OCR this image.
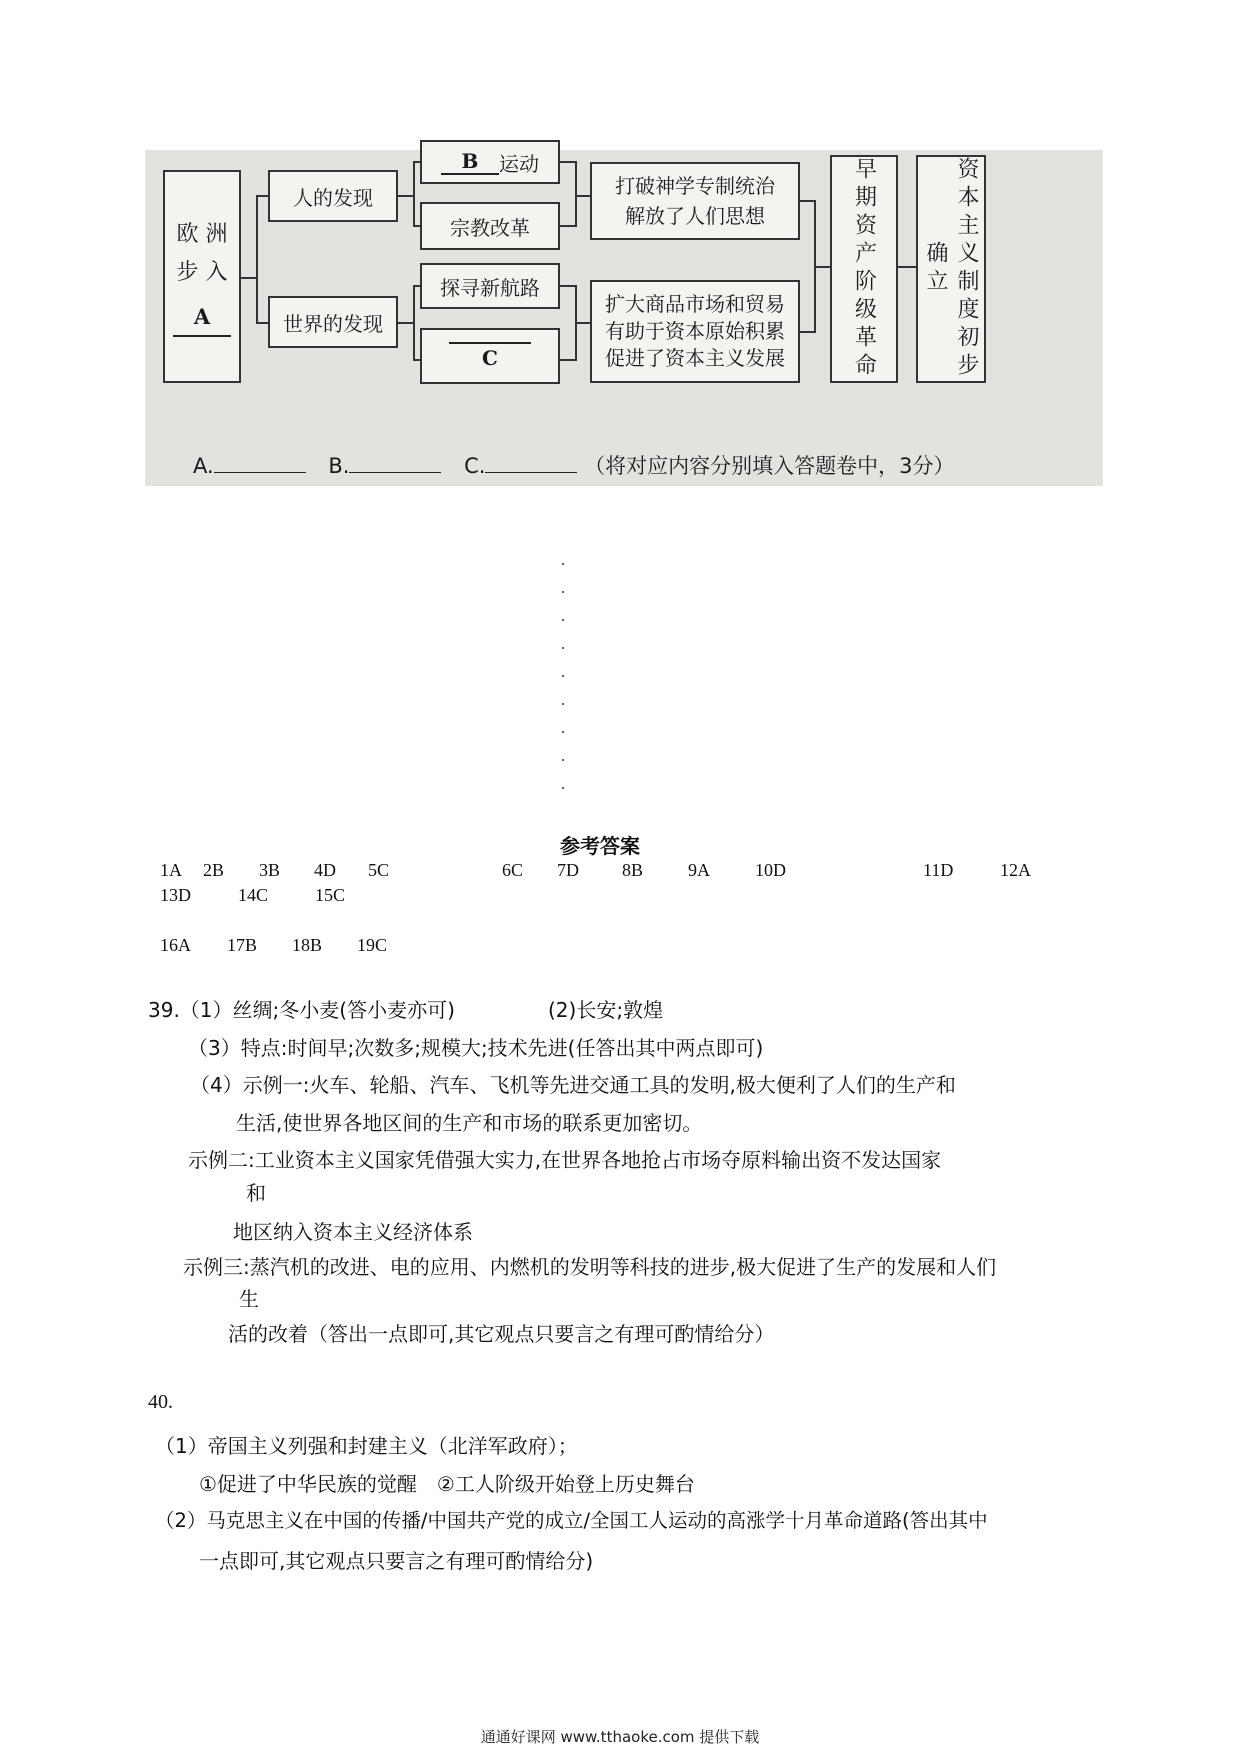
欧 洲
步 入
A
人的发现
世界的发现
B	运动
宗教改革
探寻新航路
C
打破神学专制统治
解放了人们思想
扩大商品市场和贸易
有助于资本原始积累
促进了资本主义发展	早期资产阶级革命	资本主义制度初步确立
A.	B.	C.	（将对应内容分别填入答题卷中，3分）
参考答案
1A 2B 3B 4D 5C	6C 7D 8B 9A	10D	11D	12A
13D	14C	15C
16A 17B 18B 19C
39.（1）丝绸;冬小麦(答小麦亦可)	(2)长安;敦煌
（3）特点:时间早;次数多;规模大;技术先进(任答出其中两点即可)
（4）示例一:火车、轮船、汽车、飞机等先进交通工具的发明,极大便利了人们的生产和
生活,使世界各地区间的生产和市场的联系更加密切。
示例二:工业资本主义国家凭借强大实力,在世界各地抢占市场夺原料输出资不发达国家
和
地区纳入资本主义经济体系
示例三:蒸汽机的改进、电的应用、内燃机的发明等科技的进步,极大促进了生产的发展和人们
生
活的改着（答出一点即可,其它观点只要言之有理可酌情给分）
40.
（1）帝国主义列强和封建主义（北洋军政府）；
①促进了中华民族的觉醒　②工人阶级开始登上历史舞台
（2）马克思主义在中国的传播/中国共产党的成立/全国工人运动的高涨学十月革命道路(答出其中
一点即可,其它观点只要言之有理可酌情给分)
通通好课网 www.tthaoke.com 提供下载
